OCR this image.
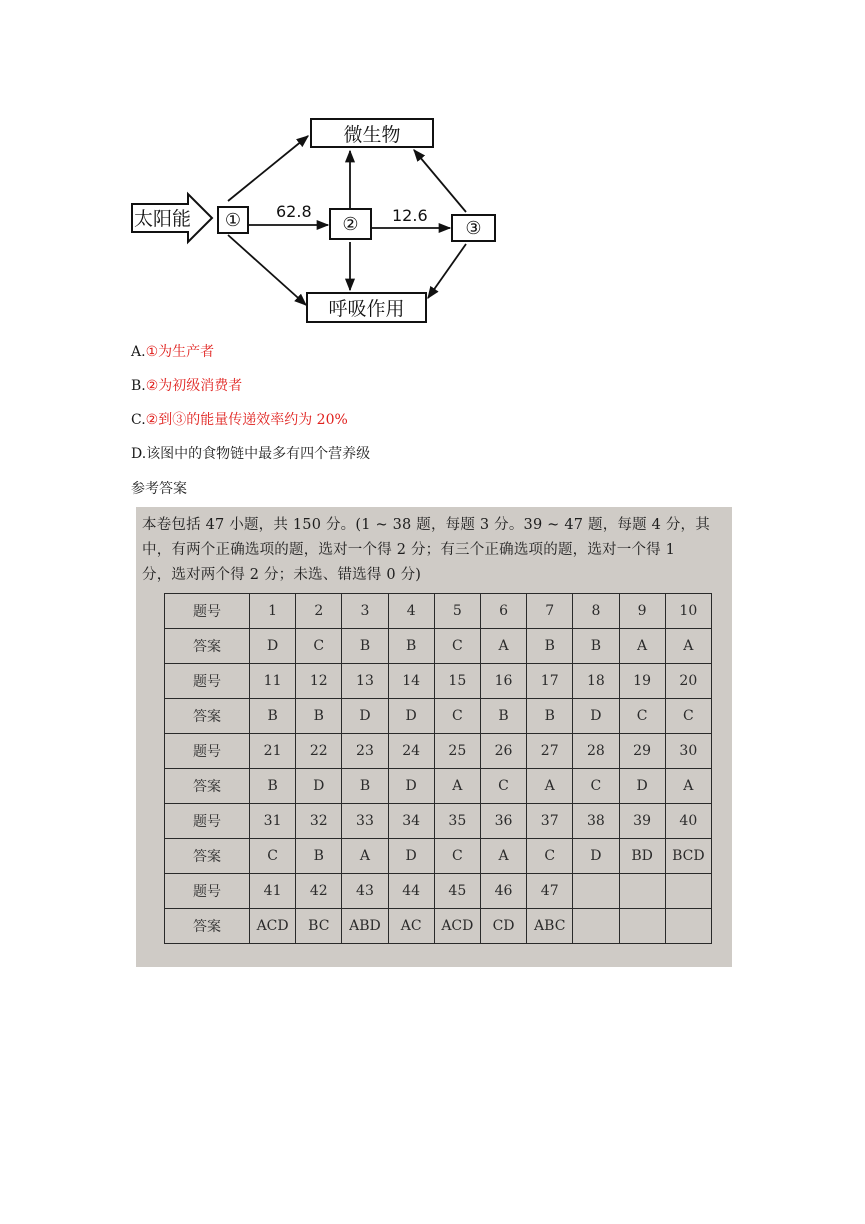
太阳能	①	②	③
微生物
呼吸作用
62.8	12.6
A.①为生产者
B.②为初级消费者
C.②到③的能量传递效率约为 20%
D.该图中的食物链中最多有四个营养级
参考答案
本卷包括 47 小题，共 150 分。(1 ~ 38 题，每题 3 分。39 ~ 47 题，每题 4 分，其
中，有两个正确选项的题，选对一个得 2 分；有三个正确选项的题，选对一个得 1
分，选对两个得 2 分；未选、错选得 0 分)
题号	1	2	3	4	5	6	7	8	9	10
答案	D	C	B	B	C	A	B	B	A	A
题号	11	12	13	14	15	16	17	18	19	20
答案	B	B	D	D	C	B	B	D	C	C
题号	21	22	23	24	25	26	27	28	29	30
答案	B	D	B	D	A	C	A	C	D	A
题号	31	32	33	34	35	36	37	38	39	40
答案	C	B	A	D	C	A	C	D	BD	BCD
题号	41	42	43	44	45	46	47			
答案	ACD	BC	ABD	AC	ACD	CD	ABC			
